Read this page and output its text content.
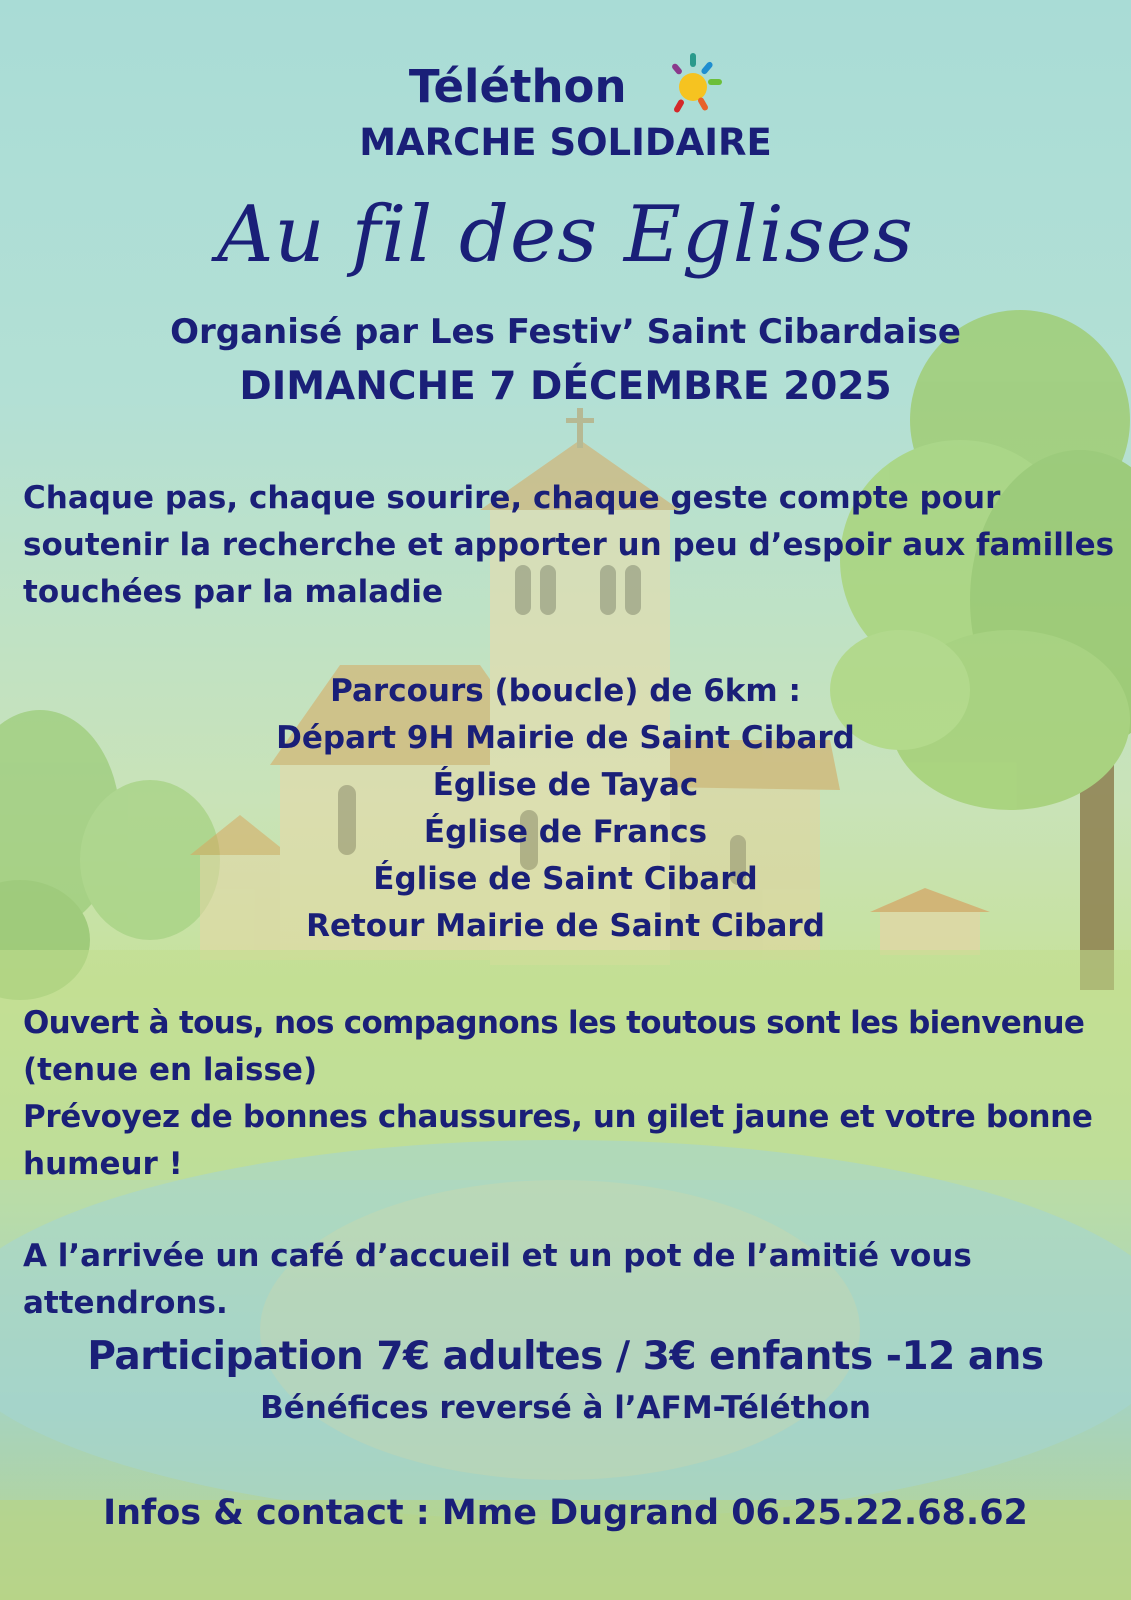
Téléthon
MARCHE SOLIDAIRE
Au fil des Eglises
Organisé par Les Festiv’ Saint Cibardaise
DIMANCHE 7 DÉCEMBRE 2025
Chaque pas, chaque sourire, chaque geste compte pour
soutenir la recherche et apporter un peu d’espoir aux familles
touchées par la maladie
Parcours (boucle) de 6km :
Départ 9H Mairie de Saint Cibard
Église de Tayac
Église de Francs
Église de Saint Cibard
Retour Mairie de Saint Cibard
Ouvert à tous, nos compagnons les toutous sont les bienvenue
(tenue en laisse)
Prévoyez de bonnes chaussures, un gilet jaune et votre bonne
humeur !
A l’arrivée un café d’accueil et un pot de l’amitié vous
attendrons.
Participation 7€ adultes / 3€ enfants -12 ans
Bénéfices reversé à l’AFM-Téléthon
Infos & contact : Mme Dugrand 06.25.22.68.62
